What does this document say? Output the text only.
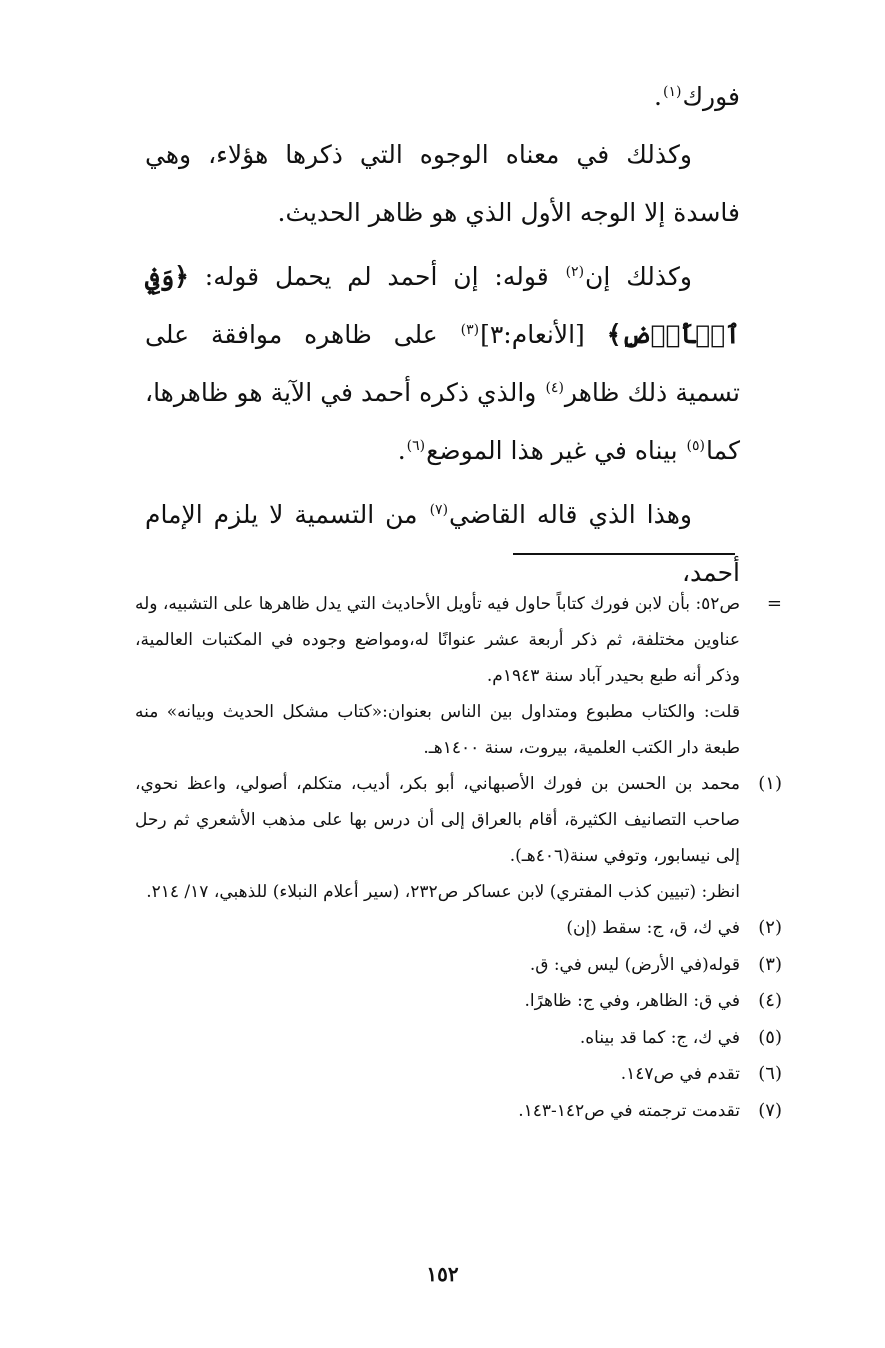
فورك$^{(١)}$.

وكذلك في معناه الوجوه التي ذكرها هؤلاء، وهي فاسدة إلا الوجه الأول الذي هو ظاهر الحديث.

وكذلك إن$^{(٢)}$ قوله: إن أحمد لم يحمل قوله: ﴿وَفِي ٱلۡأَرۡضِ﴾ [الأنعام:٣]$^{(٣)}$ على ظاهره موافقة على تسمية ذلك ظاهر$^{(٤)}$ والذي ذكره أحمد في الآية هو ظاهرها، كما$^{(٥)}$ بيناه في غير هذا الموضع$^{(٦)}$.

وهذا الذي قاله القاضي$^{(٧)}$ من التسمية لا يلزم الإمام أحمد،

=

ص٥٢: بأن لابن فورك كتاباً حاول فيه تأويل الأحاديث التي يدل ظاهرها على التشبيه، وله عناوين مختلفة، ثم ذكر أربعة عشر عنوانًا له،ومواضع وجوده في المكتبات العالمية، وذكر أنه طبع بحيدر آباد سنة ١٩٤٣م.

قلت: والكتاب مطبوع ومتداول بين الناس بعنوان:«كتاب مشكل الحديث وبيانه» منه طبعة دار الكتب العلمية، بيروت، سنة ١٤٠٠هـ.

(١)

محمد بن الحسن بن فورك الأصبهاني، أبو بكر، أديب، متكلم، أصولي، واعظ نحوي، صاحب التصانيف الكثيرة، أقام بالعراق إلى أن درس بها على مذهب الأشعري ثم رحل إلى نيسابور، وتوفي سنة(٤٠٦هـ).

انظر: (تبيين كذب المفتري) لابن عساكر ص٢٣٢، (سير أعلام النبلاء) للذهبي، ١٧/ ٢١٤.

(٢)

في ك، ق، ج: سقط (إن)

(٣)

قوله(في الأرض) ليس في: ق.

(٤)

في ق: الظاهر، وفي ج: ظاهرًا.

(٥)

في ك، ج: كما قد بيناه.

(٦)

تقدم في ص١٤٧.

(٧)

تقدمت ترجمته في ص١٤٢-١٤٣.

١٥٢
